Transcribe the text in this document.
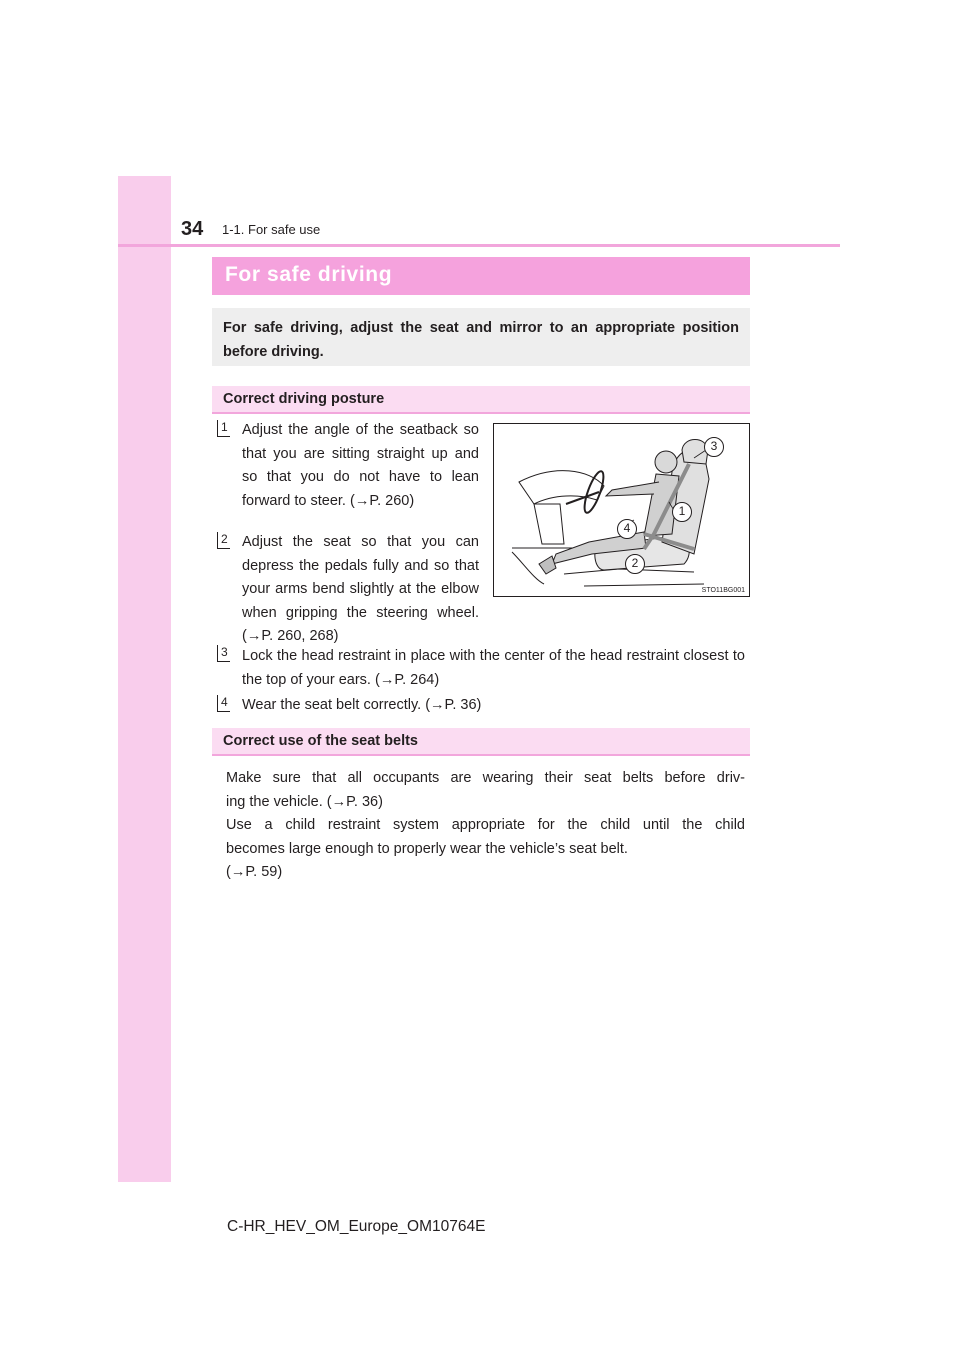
34 1-1. For safe use
For safe driving
For safe driving, adjust the seat and mirror to an appropriate position before driving.
Correct driving posture
1 Adjust the angle of the seatback so that you are sitting straight up and so that you do not have to lean forward to steer. (→P. 260)
2 Adjust the seat so that you can depress the pedals fully and so that your arms bend slightly at the elbow when gripping the steering wheel. (→P. 260, 268)
3 Lock the head restraint in place with the center of the head restraint closest to the top of your ears. (→P. 264)
4 Wear the seat belt correctly. (→P. 36)
3
1
4
2
STO11BG001
Correct use of the seat belts
Make sure that all occupants are wearing their seat belts before driv-
ing the vehicle. (→P. 36)
Use a child restraint system appropriate for the child until the child
becomes large enough to properly wear the vehicle’s seat belt.
(→P. 59)
C-HR_HEV_OM_Europe_OM10764E
